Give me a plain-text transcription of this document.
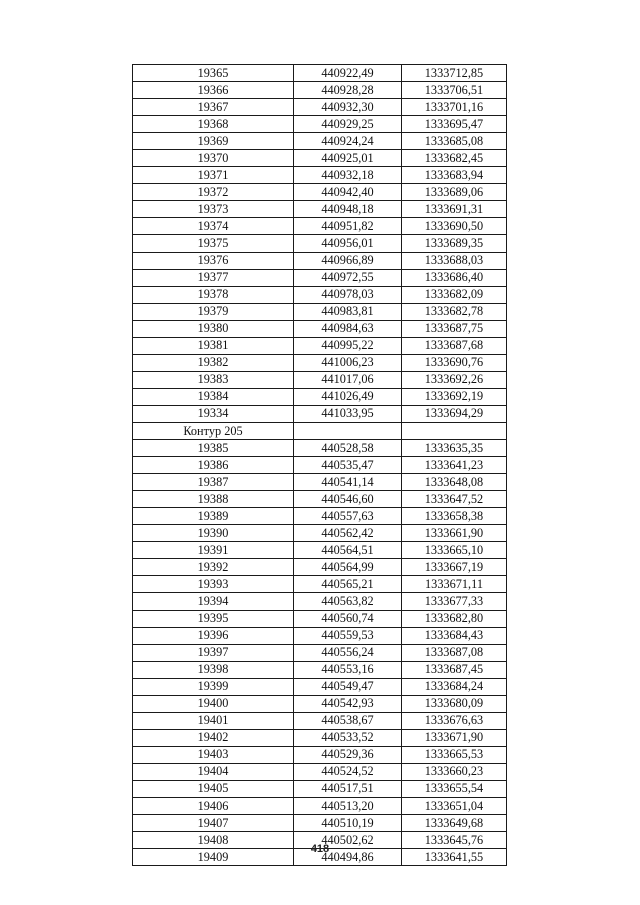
19365	440922,49	1333712,85
19366	440928,28	1333706,51
19367	440932,30	1333701,16
19368	440929,25	1333695,47
19369	440924,24	1333685,08
19370	440925,01	1333682,45
19371	440932,18	1333683,94
19372	440942,40	1333689,06
19373	440948,18	1333691,31
19374	440951,82	1333690,50
19375	440956,01	1333689,35
19376	440966,89	1333688,03
19377	440972,55	1333686,40
19378	440978,03	1333682,09
19379	440983,81	1333682,78
19380	440984,63	1333687,75
19381	440995,22	1333687,68
19382	441006,23	1333690,76
19383	441017,06	1333692,26
19384	441026,49	1333692,19
19334	441033,95	1333694,29
Контур 205		
19385	440528,58	1333635,35
19386	440535,47	1333641,23
19387	440541,14	1333648,08
19388	440546,60	1333647,52
19389	440557,63	1333658,38
19390	440562,42	1333661,90
19391	440564,51	1333665,10
19392	440564,99	1333667,19
19393	440565,21	1333671,11
19394	440563,82	1333677,33
19395	440560,74	1333682,80
19396	440559,53	1333684,43
19397	440556,24	1333687,08
19398	440553,16	1333687,45
19399	440549,47	1333684,24
19400	440542,93	1333680,09
19401	440538,67	1333676,63
19402	440533,52	1333671,90
19403	440529,36	1333665,53
19404	440524,52	1333660,23
19405	440517,51	1333655,54
19406	440513,20	1333651,04
19407	440510,19	1333649,68
19408	440502,62	1333645,76
19409	440494,86	1333641,55
418
